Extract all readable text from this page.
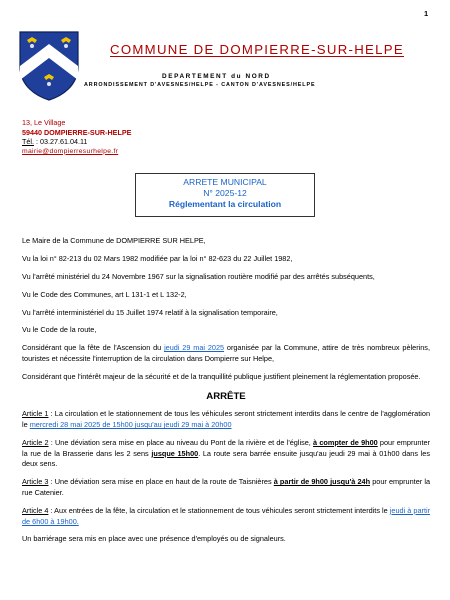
1
COMMUNE DE DOMPIERRE-SUR-HELPE
DEPARTEMENT du NORD
ARRONDISSEMENT D'AVESNES/HELPE - CANTON D'AVESNES/HELPE
13, Le Village
59440 DOMPIERRE-SUR-HELPE
Tél. : 03.27.61.04.11
mairie@dompierresurhelpe.fr
ARRETE MUNICIPAL
N° 2025-12
Réglementant la circulation

Le Maire de la Commune de DOMPIERRE SUR HELPE,

Vu la loi n° 82-213 du 02 Mars 1982 modifiée par la loi n° 82-623 du 22 Juillet 1982,

Vu l'arrêté ministériel du 24 Novembre 1967 sur la signalisation routière modifié par des arrêtés subséquents,

Vu le Code des Communes, art L 131-1 et L 132-2,

Vu l'arrêté interministériel du 15 Juillet 1974 relatif à la signalisation temporaire,

Vu le Code de la route,

Considérant que la fête de l'Ascension du jeudi 29 mai 2025 organisée par la Commune, attire de très nombreux pèlerins, touristes et nécessite l'interruption de la circulation dans Dompierre sur Helpe,

Considérant que l'intérêt majeur de la sécurité et de la tranquillité publique justifient pleinement la réglementation proposée.

ARRÊTE

Article 1 : La circulation et le stationnement de tous les véhicules seront strictement interdits dans le centre de l'agglomération le mercredi 28 mai 2025 de 15h00 jusqu'au jeudi 29 mai à 20h00

Article 2 : Une déviation sera mise en place au niveau du Pont de la rivière et de l'église, à compter de 9h00 pour emprunter la rue de la Brasserie dans les 2 sens jusque 15h00. La route sera barrée ensuite jusqu'au jeudi 29 mai à 01h00 dans les deux sens.

Article 3 : Une déviation sera mise en place en haut de la route de Taisnières à partir de 9h00 jusqu'à 24h pour emprunter la rue Catenier.

Article 4 : Aux entrées de la fête, la circulation et le stationnement de tous véhicules seront strictement interdits le jeudi à partir de 6h00 à 19h00.

Un barriérage sera mis en place avec une présence d'employés ou de signaleurs.
